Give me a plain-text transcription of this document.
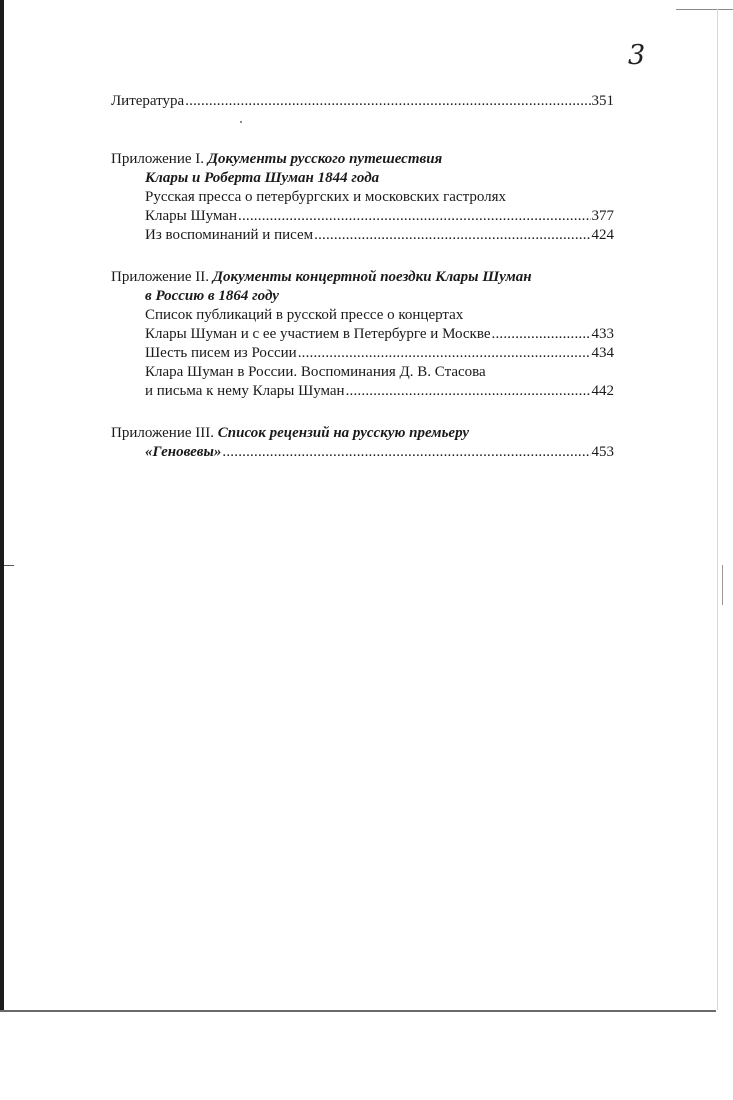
3
Литература .....	351
Приложение I. Документы русского путешествия
Клары и Роберта Шуман 1844 года
Русская пресса о петербургских и московских гастролях
Клары Шуман .....	377
Из воспоминаний и писем .....	424
Приложение II. Документы концертной поездки Клары Шуман
в Россию в 1864 году
Список публикаций в русской прессе о концертах
Клары Шуман и с ее участием в Петербурге и Москве .....	433
Шесть писем из России .....	434
Клара Шуман в России. Воспоминания Д. В. Стасова
и письма к нему Клары Шуман .....	442
Приложение III. Список рецензий на русскую премьеру
«Геновевы» .....	453
